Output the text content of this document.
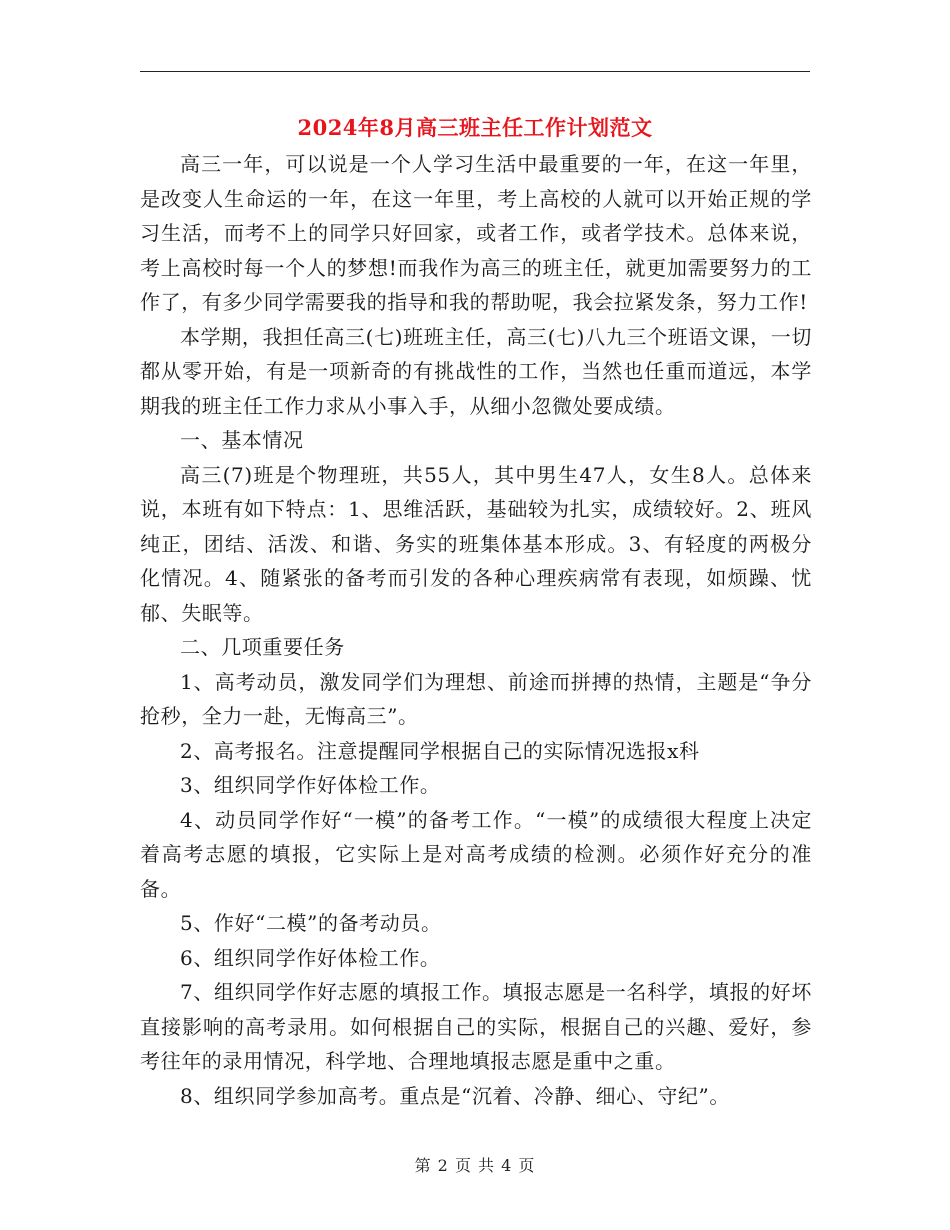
2024年8月高三班主任工作计划范文

高三一年，可以说是一个人学习生活中最重要的一年，在这一年里，是改变人生命运的一年，在这一年里，考上高校的人就可以开始正规的学习生活，而考不上的同学只好回家，或者工作，或者学技术。总体来说，考上高校时每一个人的梦想!而我作为高三的班主任，就更加需要努力的工作了，有多少同学需要我的指导和我的帮助呢，我会拉紧发条，努力工作!

本学期，我担任高三(七)班班主任，高三(七)八九三个班语文课，一切都从零开始，有是一项新奇的有挑战性的工作，当然也任重而道远，本学期我的班主任工作力求从小事入手，从细小忽微处要成绩。

一、基本情况

高三(7)班是个物理班，共55人，其中男生47人，女生8人。总体来说，本班有如下特点：1、思维活跃，基础较为扎实，成绩较好。2、班风纯正，团结、活泼、和谐、务实的班集体基本形成。3、有轻度的两极分化情况。4、随紧张的备考而引发的各种心理疾病常有表现，如烦躁、忧郁、失眠等。

二、几项重要任务

1、高考动员，激发同学们为理想、前途而拼搏的热情，主题是“争分抢秒，全力一赴，无悔高三”。

2、高考报名。注意提醒同学根据自己的实际情况选报x科

3、组织同学作好体检工作。

4、动员同学作好“一模”的备考工作。“一模”的成绩很大程度上决定着高考志愿的填报，它实际上是对高考成绩的检测。必须作好充分的准备。

5、作好“二模”的备考动员。

6、组织同学作好体检工作。

7、组织同学作好志愿的填报工作。填报志愿是一名科学，填报的好坏直接影响的高考录用。如何根据自己的实际，根据自己的兴趣、爱好，参考往年的录用情况，科学地、合理地填报志愿是重中之重。

8、组织同学参加高考。重点是“沉着、冷静、细心、守纪”。

第 2 页 共 4 页
